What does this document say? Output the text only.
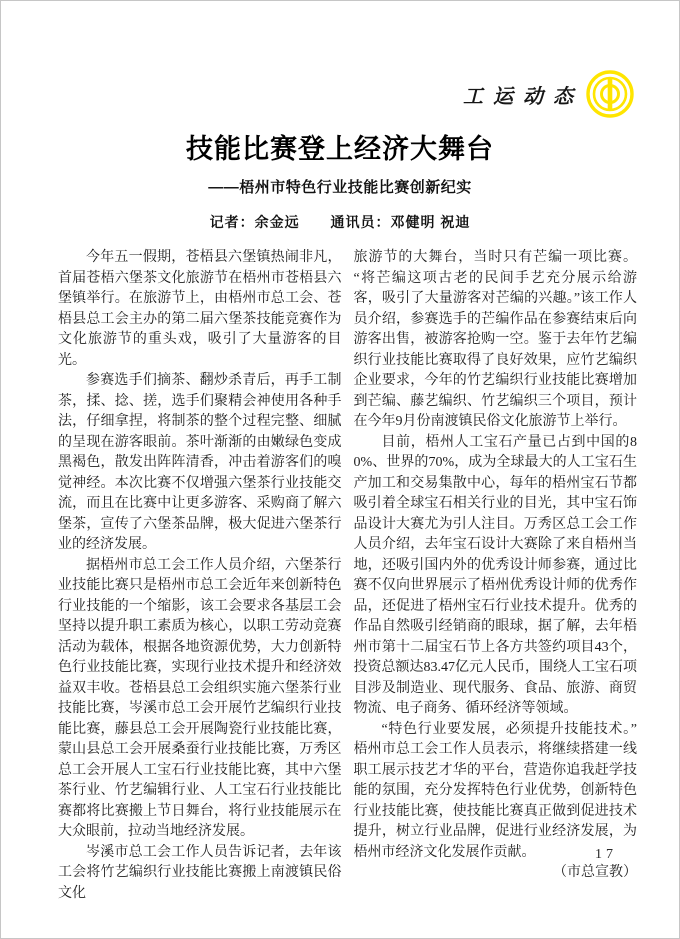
工运动态
技能比赛登上经济大舞台
——梧州市特色行业技能比赛创新纪实
记者：余金远 通讯员：邓健明 祝迪

今年五一假期，苍梧县六堡镇热闹非凡，首届苍梧六堡茶文化旅游节在梧州市苍梧县六堡镇举行。在旅游节上，由梧州市总工会、苍梧县总工会主办的第二届六堡茶技能竞赛作为文化旅游节的重头戏，吸引了大量游客的目光。

参赛选手们摘茶、翻炒杀青后，再手工制茶，揉、捻、搓，选手们聚精会神使用各种手法，仔细拿捏，将制茶的整个过程完整、细腻的呈现在游客眼前。茶叶渐渐的由嫩绿色变成黑褐色，散发出阵阵清香，冲击着游客们的嗅觉神经。本次比赛不仅增强六堡茶行业技能交流，而且在比赛中让更多游客、采购商了解六堡茶，宣传了六堡茶品牌，极大促进六堡茶行业的经济发展。

据梧州市总工会工作人员介绍，六堡茶行业技能比赛只是梧州市总工会近年来创新特色行业技能的一个缩影，该工会要求各基层工会坚持以提升职工素质为核心，以职工劳动竞赛活动为载体，根据各地资源优势，大力创新特色行业技能比赛，实现行业技术提升和经济效益双丰收。苍梧县总工会组织实施六堡茶行业技能比赛，岑溪市总工会开展竹艺编织行业技能比赛，藤县总工会开展陶瓷行业技能比赛，蒙山县总工会开展桑蚕行业技能比赛，万秀区总工会开展人工宝石行业技能比赛，其中六堡茶行业、竹艺编辑行业、人工宝石行业技能比赛都将比赛搬上节日舞台，将行业技能展示在大众眼前，拉动当地经济发展。

岑溪市总工会工作人员告诉记者，去年该工会将竹艺编织行业技能比赛搬上南渡镇民俗文化

旅游节的大舞台，当时只有芒编一项比赛。“将芒编这项古老的民间手艺充分展示给游客，吸引了大量游客对芒编的兴趣。”该工作人员介绍，参赛选手的芒编作品在参赛结束后向游客出售，被游客抢购一空。鉴于去年竹艺编织行业技能比赛取得了良好效果，应竹艺编织企业要求，今年的竹艺编织行业技能比赛增加到芒编、藤艺编织、竹艺编织三个项目，预计在今年9月份南渡镇民俗文化旅游节上举行。

目前，梧州人工宝石产量已占到中国的80%、世界的70%，成为全球最大的人工宝石生产加工和交易集散中心，每年的梧州宝石节都吸引着全球宝石相关行业的目光，其中宝石饰品设计大赛尤为引人注目。万秀区总工会工作人员介绍，去年宝石设计大赛除了来自梧州当地，还吸引国内外的优秀设计师参赛，通过比赛不仅向世界展示了梧州优秀设计师的优秀作品，还促进了梧州宝石行业技术提升。优秀的作品自然吸引经销商的眼球，据了解，去年梧州市第十二届宝石节上各方共签约项目43个，投资总额达83.47亿元人民币，围绕人工宝石项目涉及制造业、现代服务、食品、旅游、商贸物流、电子商务、循环经济等领域。

“特色行业要发展，必须提升技能技术。”梧州市总工会工作人员表示，将继续搭建一线职工展示技艺才华的平台，营造你追我赶学技能的氛围，充分发挥特色行业优势，创新特色行业技能比赛，使技能比赛真正做到促进技术提升，树立行业品牌，促进行业经济发展，为梧州市经济文化发展作贡献。
（市总宣教）

17
